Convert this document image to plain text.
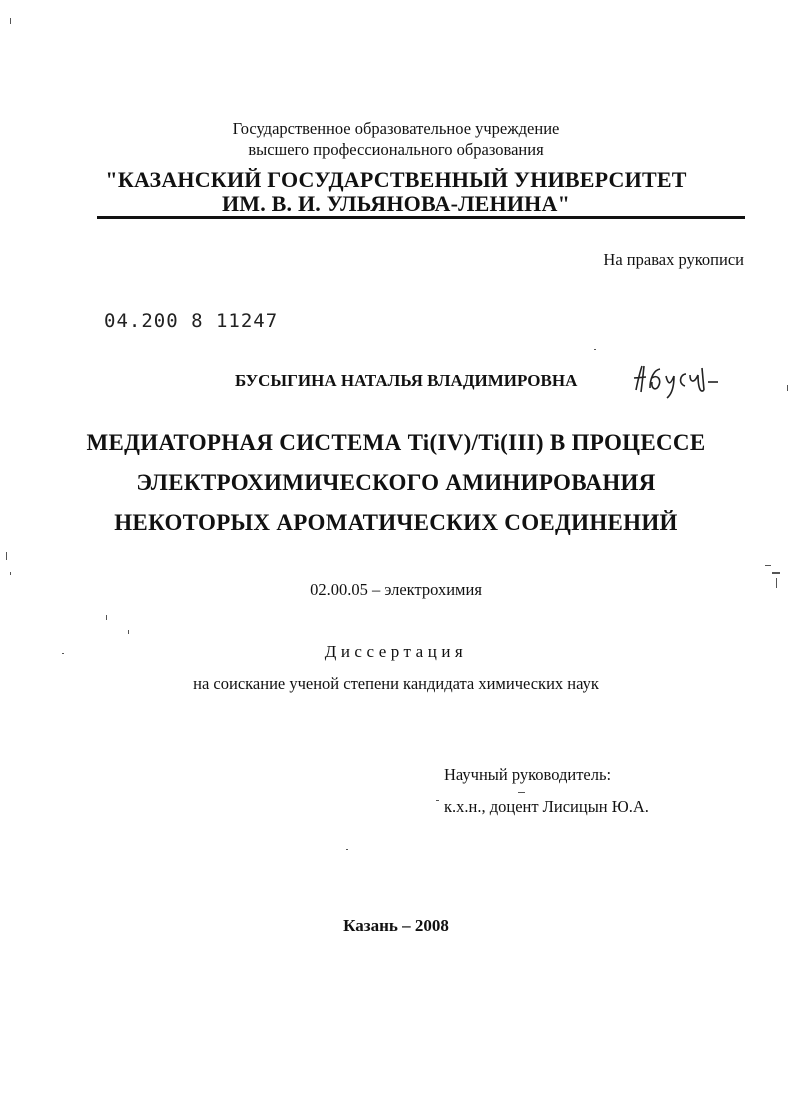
Государственное образовательное учреждение
высшего профессионального образования
"КАЗАНСКИЙ ГОСУДАРСТВЕННЫЙ УНИВЕРСИТЕТ
ИМ. В. И. УЛЬЯНОВА-ЛЕНИНА"
На правах рукописи
04.200 8 11247
БУСЫГИНА НАТАЛЬЯ ВЛАДИМИРОВНА
МЕДИАТОРНАЯ СИСТЕМА Ti(IV)/Ti(III) В ПРОЦЕССЕ
ЭЛЕКТРОХИМИЧЕСКОГО АМИНИРОВАНИЯ
НЕКОТОРЫХ АРОМАТИЧЕСКИХ СОЕДИНЕНИЙ
02.00.05 – электрохимия
Диссертация
на соискание ученой степени кандидата химических наук
Научный руководитель:
к.х.н., доцент Лисицын Ю.А.
Казань – 2008
